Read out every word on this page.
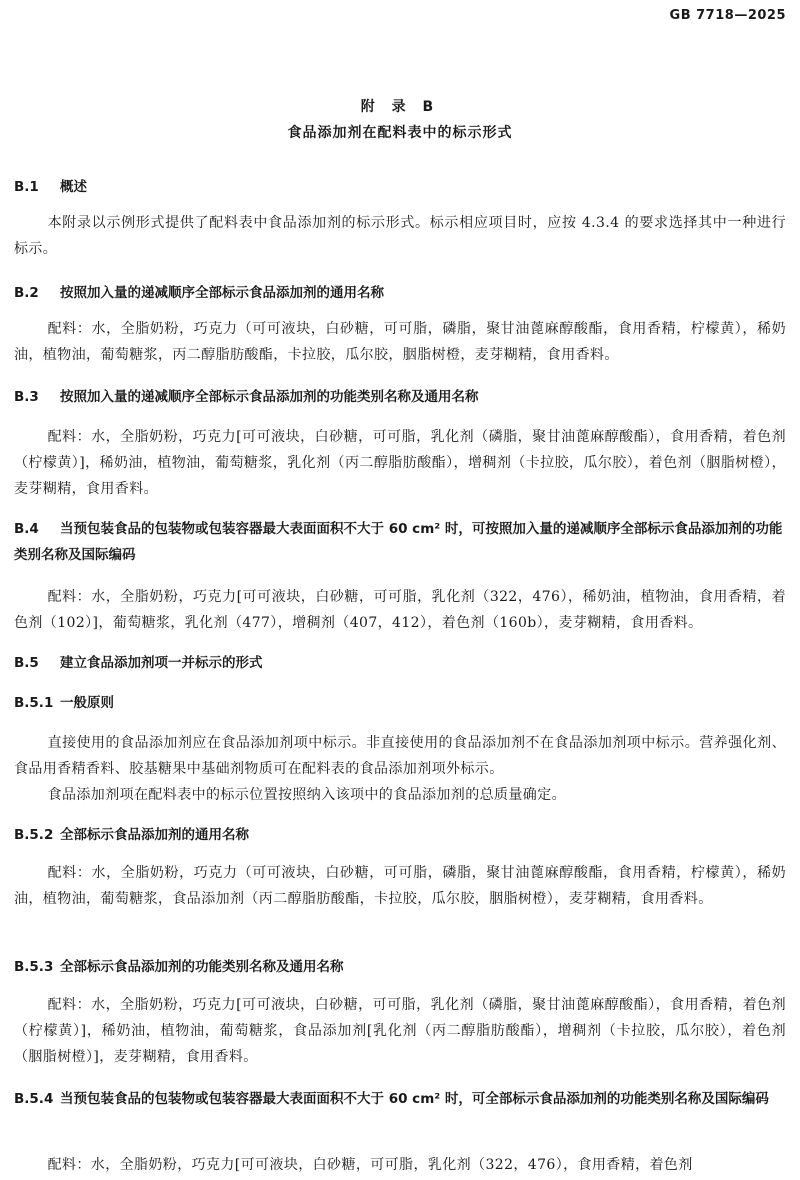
GB 7718—2025
附 录 B
食品添加剂在配料表中的标示形式
B.1 概述
本附录以示例形式提供了配料表中食品添加剂的标示形式。标示相应项目时，应按 4.3.4 的要求选择其中一种进行标示。
B.2 按照加入量的递减顺序全部标示食品添加剂的通用名称
配料：水，全脂奶粉，巧克力（可可液块，白砂糖，可可脂，磷脂，聚甘油蓖麻醇酸酯，食用香精，柠檬黄），稀奶油，植物油，葡萄糖浆，丙二醇脂肪酸酯，卡拉胶，瓜尔胶，胭脂树橙，麦芽糊精，食用香料。
B.3 按照加入量的递减顺序全部标示食品添加剂的功能类别名称及通用名称
配料：水，全脂奶粉，巧克力[可可液块，白砂糖，可可脂，乳化剂（磷脂，聚甘油蓖麻醇酸酯），食用香精，着色剂（柠檬黄）]，稀奶油，植物油，葡萄糖浆，乳化剂（丙二醇脂肪酸酯），增稠剂（卡拉胶，瓜尔胶），着色剂（胭脂树橙），麦芽糊精，食用香料。
B.4 当预包装食品的包装物或包装容器最大表面面积不大于 60 cm² 时，可按照加入量的递减顺序全部标示食品添加剂的功能类别名称及国际编码
配料：水，全脂奶粉，巧克力[可可液块，白砂糖，可可脂，乳化剂（322，476），稀奶油，植物油，食用香精，着色剂（102）]，葡萄糖浆，乳化剂（477），增稠剂（407，412），着色剂（160b），麦芽糊精，食用香料。
B.5 建立食品添加剂项一并标示的形式
B.5.1 一般原则
直接使用的食品添加剂应在食品添加剂项中标示。非直接使用的食品添加剂不在食品添加剂项中标示。营养强化剂、食品用香精香料、胶基糖果中基础剂物质可在配料表的食品添加剂项外标示。
食品添加剂项在配料表中的标示位置按照纳入该项中的食品添加剂的总质量确定。
B.5.2 全部标示食品添加剂的通用名称
配料：水，全脂奶粉，巧克力（可可液块，白砂糖，可可脂，磷脂，聚甘油蓖麻醇酸酯，食用香精，柠檬黄），稀奶油，植物油，葡萄糖浆，食品添加剂（丙二醇脂肪酸酯，卡拉胶，瓜尔胶，胭脂树橙），麦芽糊精，食用香料。
B.5.3 全部标示食品添加剂的功能类别名称及通用名称
配料：水，全脂奶粉，巧克力[可可液块，白砂糖，可可脂，乳化剂（磷脂，聚甘油蓖麻醇酸酯），食用香精，着色剂（柠檬黄）]，稀奶油，植物油，葡萄糖浆，食品添加剂[乳化剂（丙二醇脂肪酸酯），增稠剂（卡拉胶，瓜尔胶），着色剂（胭脂树橙）]，麦芽糊精，食用香料。
B.5.4 当预包装食品的包装物或包装容器最大表面面积不大于 60 cm² 时，可全部标示食品添加剂的功能类别名称及国际编码
配料：水，全脂奶粉，巧克力[可可液块，白砂糖，可可脂，乳化剂（322，476），食用香精，着色剂
